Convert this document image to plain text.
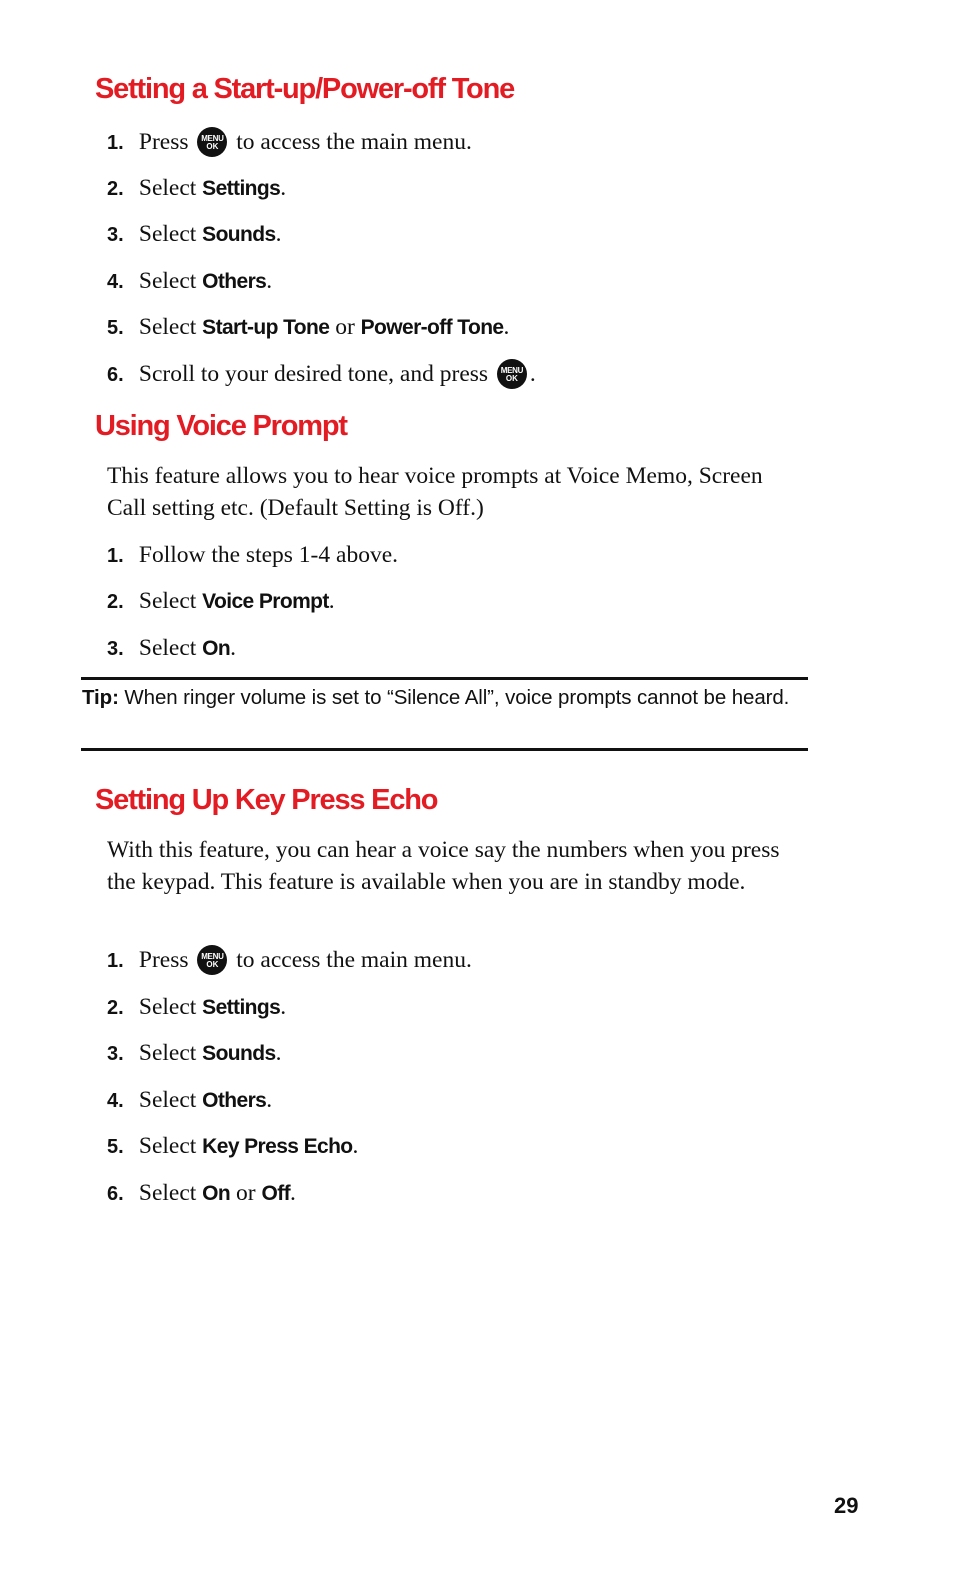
Setting a Start-up/Power-off Tone
1. Press	MENU
OK to access the main menu.
2. Select Settings.
3. Select Sounds.
4. Select Others.
5. Select Start-up Tone or Power-off Tone.
6. Scroll to your desired tone, and press	MENU
OK .
Using Voice Prompt

This feature allows you to hear voice prompts at Voice Memo, Screen Call setting etc. (Default Setting is Off.)

1. Follow the steps 1-4 above.
2. Select Voice Prompt.
3. Select On.

Tip: When ringer volume is set to “Silence All”, voice prompts cannot be heard.

Setting Up Key Press Echo

With this feature, you can hear a voice say the numbers when you press the keypad. This feature is available when you are in standby mode.

1. Press	MENU
OK to access the main menu.
2. Select Settings.
3. Select Sounds.
4. Select Others.
5. Select Key Press Echo.
6. Select On or Off.
29
